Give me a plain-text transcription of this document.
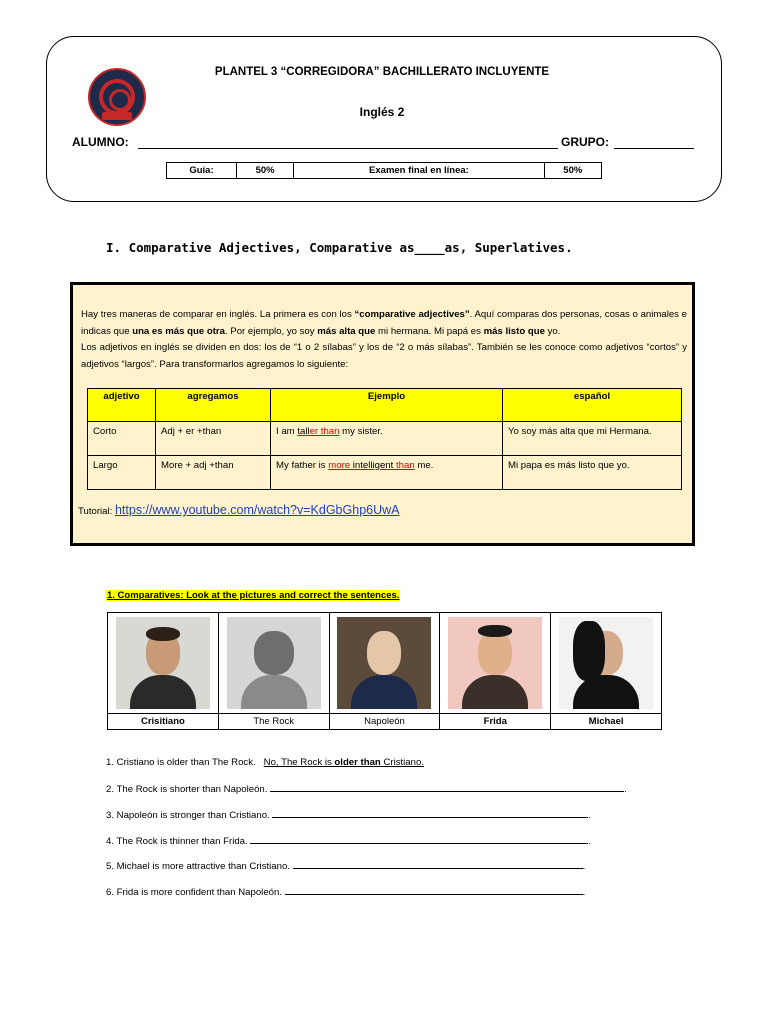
PLANTEL 3 “CORREGIDORA” BACHILLERATO INCLUYENTE
Inglés 2
ALUMNO:	GRUPO:
Guía:	50%	Examen final en línea:	50%
I. Comparative Adjectives, Comparative as____as, Superlatives.
Hay tres maneras de comparar en inglés. La primera es con los “comparative adjectives”. Aquí comparas dos personas, cosas o animales e indicas que una es más que otra. Por ejemplo, yo soy más alta que mi hermana. Mi papá es más listo que yo.
Los adjetivos en inglés se dividen en dos: los de “1 o 2 sílabas” y los de “2 o más sílabas”. También se les conoce como adjetivos “cortos” y adjetivos “largos”. Para transformarlos agregamos lo siguiente:
adjetivo	agregamos	Ejemplo	español
Corto	Adj + er +than	I am taller than my sister.	Yo soy más alta que mi Hermana.
Largo	More + adj +than	My father is more intelligent than me.	Mi papa es más listo que yo.
Tutorial: https://www.youtube.com/watch?v=KdGbGhp6UwA
1. Comparatives: Look at the pictures and correct the sentences.

Crisitiano	The Rock	Napoleón	Frida	Michael
1. Cristiano is older than The Rock. No, The Rock is older than Cristiano.
2. The Rock is shorter than Napoleón.	.
3. Napoleón is stronger than Cristiano.	.
4. The Rock is thinner than Frida.	.
5. Michael is more attractive than Cristiano.	.
6. Frida is more confident than Napoleón.	.
